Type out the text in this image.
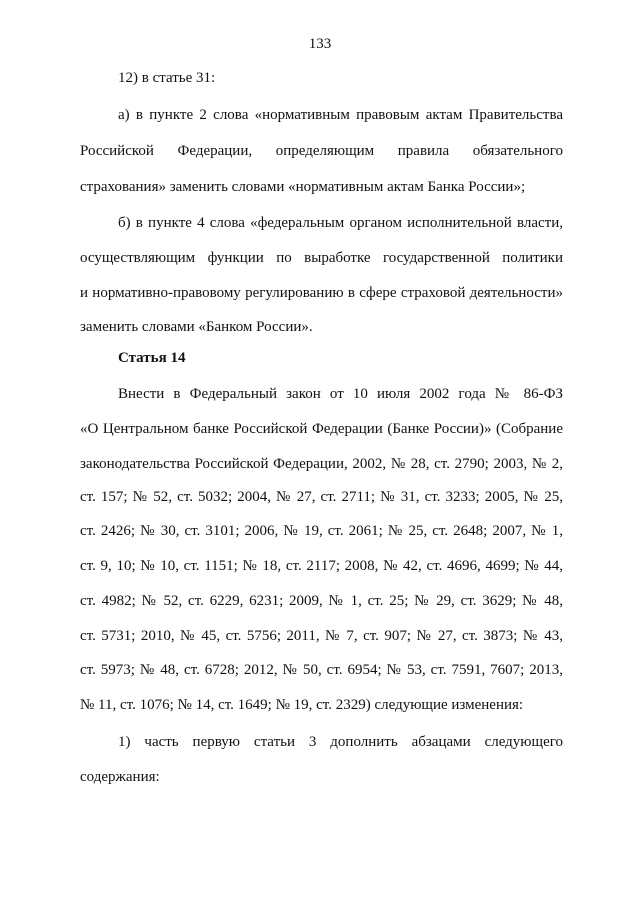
133
12) в статье 31:
а) в пункте 2 слова «нормативным правовым актам Правительства
Российской Федерации, определяющим правила обязательного
страхования» заменить словами «нормативным актам Банка России»;
б) в пункте 4 слова «федеральным органом исполнительной власти,
осуществляющим функции по выработке государственной политики
и нормативно-правовому регулированию в сфере страховой деятельности»
заменить словами «Банком России».
Статья 14
Внести в Федеральный закон от 10 июля 2002 года № 86-ФЗ
«О Центральном банке Российской Федерации (Банке России)» (Собрание
законодательства Российской Федерации, 2002, № 28, ст. 2790; 2003, № 2,
ст. 157; № 52, ст. 5032; 2004, № 27, ст. 2711; № 31, ст. 3233; 2005, № 25,
ст. 2426; № 30, ст. 3101; 2006, № 19, ст. 2061; № 25, ст. 2648; 2007, № 1,
ст. 9, 10; № 10, ст. 1151; № 18, ст. 2117; 2008, № 42, ст. 4696, 4699; № 44,
ст. 4982; № 52, ст. 6229, 6231; 2009, № 1, ст. 25; № 29, ст. 3629; № 48,
ст. 5731; 2010, № 45, ст. 5756; 2011, № 7, ст. 907; № 27, ст. 3873; № 43,
ст. 5973; № 48, ст. 6728; 2012, № 50, ст. 6954; № 53, ст. 7591, 7607; 2013,
№ 11, ст. 1076; № 14, ст. 1649; № 19, ст. 2329) следующие изменения:
1) часть первую статьи 3 дополнить абзацами следующего
содержания:
